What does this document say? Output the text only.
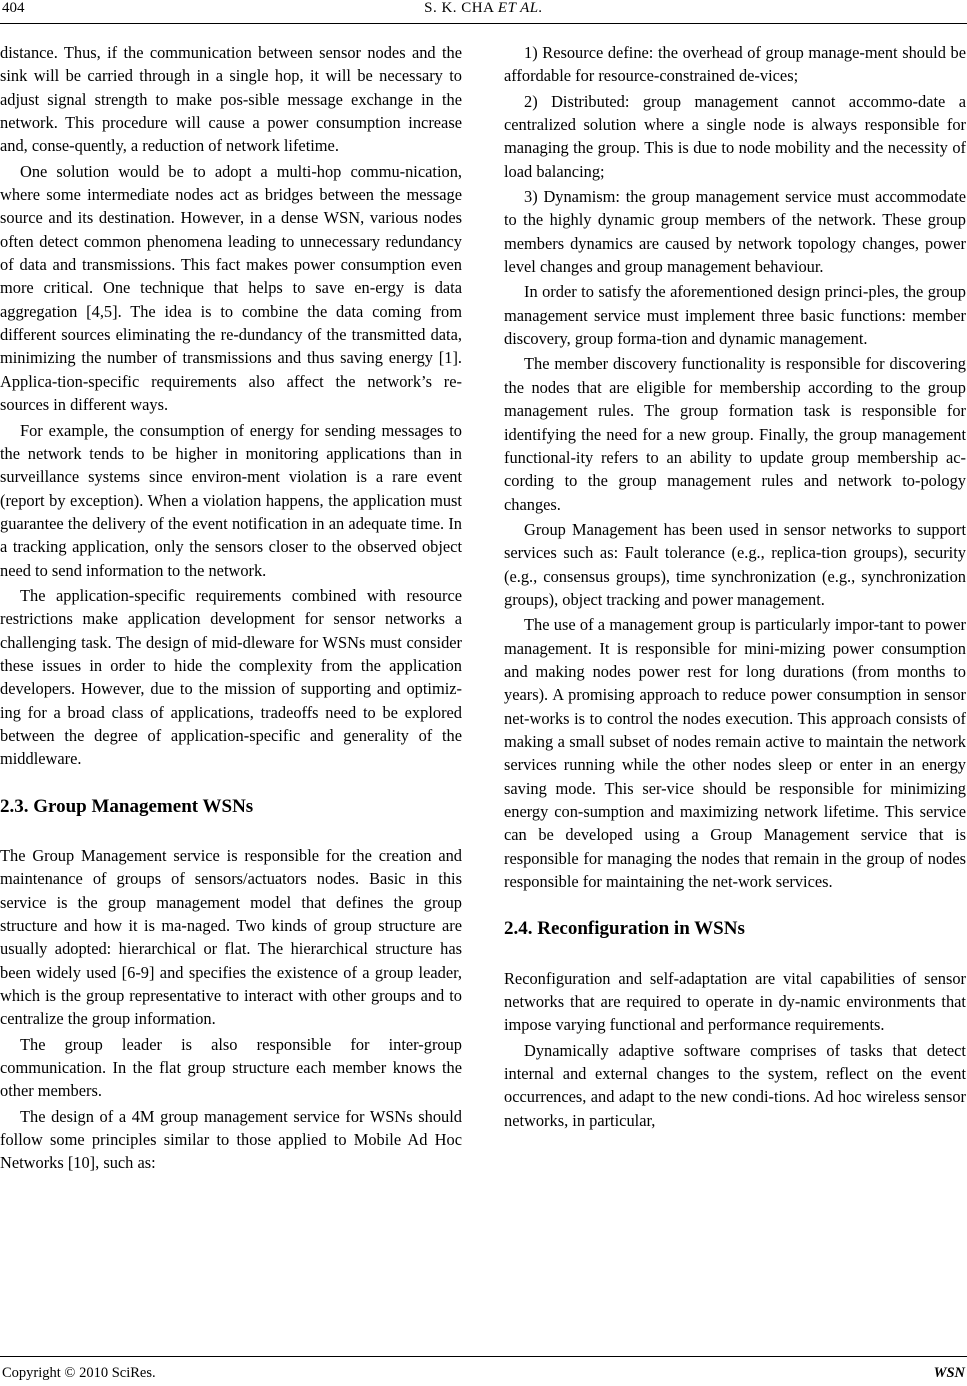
404	S. K. CHA ET AL.

distance. Thus, if the communication between sensor nodes and the sink will be carried through in a single hop, it will be necessary to adjust signal strength to make pos-sible message exchange in the network. This procedure will cause a power consumption increase and, conse-quently, a reduction of network lifetime.

One solution would be to adopt a multi-hop commu-nication, where some intermediate nodes act as bridges between the message source and its destination. However, in a dense WSN, various nodes often detect common phenomena leading to unnecessary redundancy of data and transmissions. This fact makes power consumption even more critical. One technique that helps to save en-ergy is data aggregation [4,5]. The idea is to combine the data coming from different sources eliminating the re-dundancy of the transmitted data, minimizing the number of transmissions and thus saving energy [1]. Applica-tion-specific requirements also affect the network’s re-sources in different ways.

For example, the consumption of energy for sending messages to the network tends to be higher in monitoring applications than in surveillance systems since environ-ment violation is a rare event (report by exception). When a violation happens, the application must guarantee the delivery of the event notification in an adequate time. In a tracking application, only the sensors closer to the observed object need to send information to the network.

The application-specific requirements combined with resource restrictions make application development for sensor networks a challenging task. The design of mid-dleware for WSNs must consider these issues in order to hide the complexity from the application developers. However, due to the mission of supporting and optimiz-ing for a broad class of applications, tradeoffs need to be explored between the degree of application-specific and generality of the middleware.

2.3. Group Management WSNs

The Group Management service is responsible for the creation and maintenance of groups of sensors/actuators nodes. Basic in this service is the group management model that defines the group structure and how it is ma-naged. Two kinds of group structure are usually adopted: hierarchical or flat. The hierarchical structure has been widely used [6-9] and specifies the existence of a group leader, which is the group representative to interact with other groups and to centralize the group information.

The group leader is also responsible for inter-group communication. In the flat group structure each member knows the other members.

The design of a 4M group management service for WSNs should follow some principles similar to those applied to Mobile Ad Hoc Networks [10], such as:

1) Resource define: the overhead of group manage-ment should be affordable for resource-constrained de-vices;

2) Distributed: group management cannot accommo-date a centralized solution where a single node is always responsible for managing the group. This is due to node mobility and the necessity of load balancing;

3) Dynamism: the group management service must accommodate to the highly dynamic group members of the network. These group members dynamics are caused by network topology changes, power level changes and group management behaviour.

In order to satisfy the aforementioned design princi-ples, the group management service must implement three basic functions: member discovery, group forma-tion and dynamic management.

The member discovery functionality is responsible for discovering the nodes that are eligible for membership according to the group management rules. The group formation task is responsible for identifying the need for a new group. Finally, the group management functional-ity refers to an ability to update group membership ac-cording to the group management rules and network to-pology changes.

Group Management has been used in sensor networks to support services such as: Fault tolerance (e.g., replica-tion groups), security (e.g., consensus groups), time synchronization (e.g., synchronization groups), object tracking and power management.

The use of a management group is particularly impor-tant to power management. It is responsible for mini-mizing power consumption and making nodes power rest for long durations (from months to years). A promising approach to reduce power consumption in sensor net-works is to control the nodes execution. This approach consists of making a small subset of nodes remain active to maintain the network services running while the other nodes sleep or enter in an energy saving mode. This ser-vice should be responsible for minimizing energy con-sumption and maximizing network lifetime. This service can be developed using a Group Management service that is responsible for managing the nodes that remain in the group of nodes responsible for maintaining the net-work services.

2.4. Reconfiguration in WSNs

Reconfiguration and self-adaptation are vital capabilities of sensor networks that are required to operate in dy-namic environments that impose varying functional and performance requirements.

Dynamically adaptive software comprises of tasks that detect internal and external changes to the system, reflect on the event occurrences, and adapt to the new condi-tions. Ad hoc wireless sensor networks, in particular,

Copyright © 2010 SciRes.	WSN
